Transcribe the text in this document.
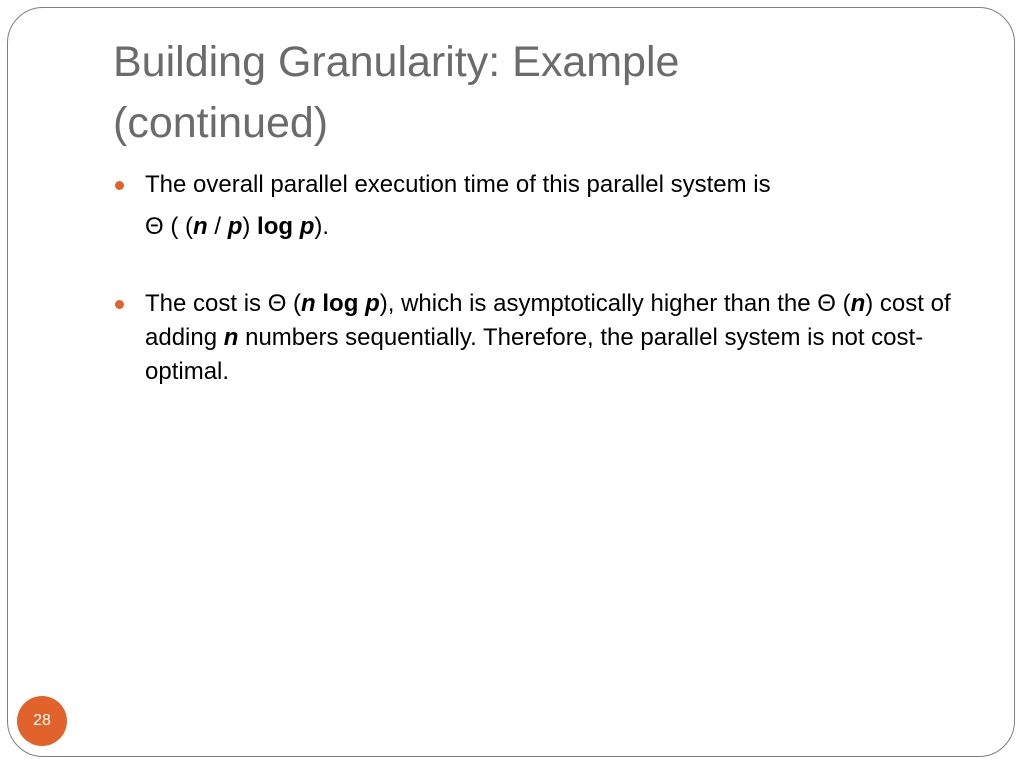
Building Granularity: Example
(continued)
The overall parallel execution time of this parallel system is
Θ ( (n / p) log p).
The cost is Θ (n log p), which is asymptotically higher than the Θ (n) cost of adding n numbers sequentially. Therefore, the parallel system is not cost-optimal.
28
